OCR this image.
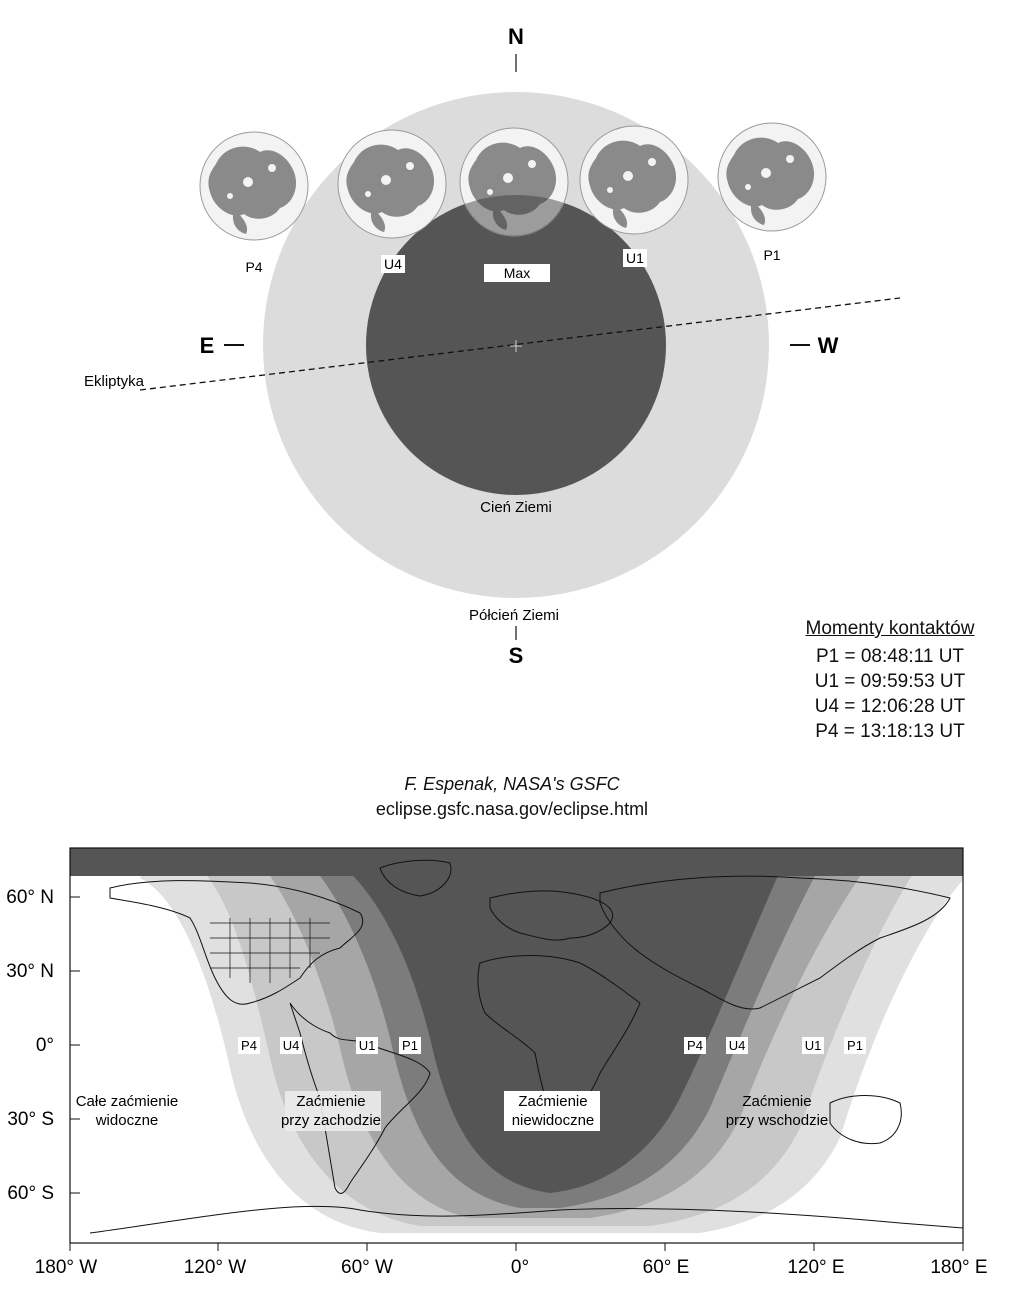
Ekliptyka
N
S
E	W
P4	U4
Max
U1	P1
Cień Ziemi
Półcień Ziemi
Momenty kontaktów
P1 = 08:48:11 UT
U1 = 09:59:53 UT
U4 = 12:06:28 UT
P4 = 13:18:13 UT
F. Espenak, NASA's GSFC
eclipse.gsfc.nasa.gov/eclipse.html
60° N
30° N
0°
30° S
60° S
180° W	120° W	60° W	0°	60° E	120° E	180° E
P4 U4	U1 P1	P4 U4	U1 P1
Całe zaćmienie
widoczne
Zaćmienie
przy zachodzie
Zaćmienie
niewidoczne
Zaćmienie
przy wschodzie
